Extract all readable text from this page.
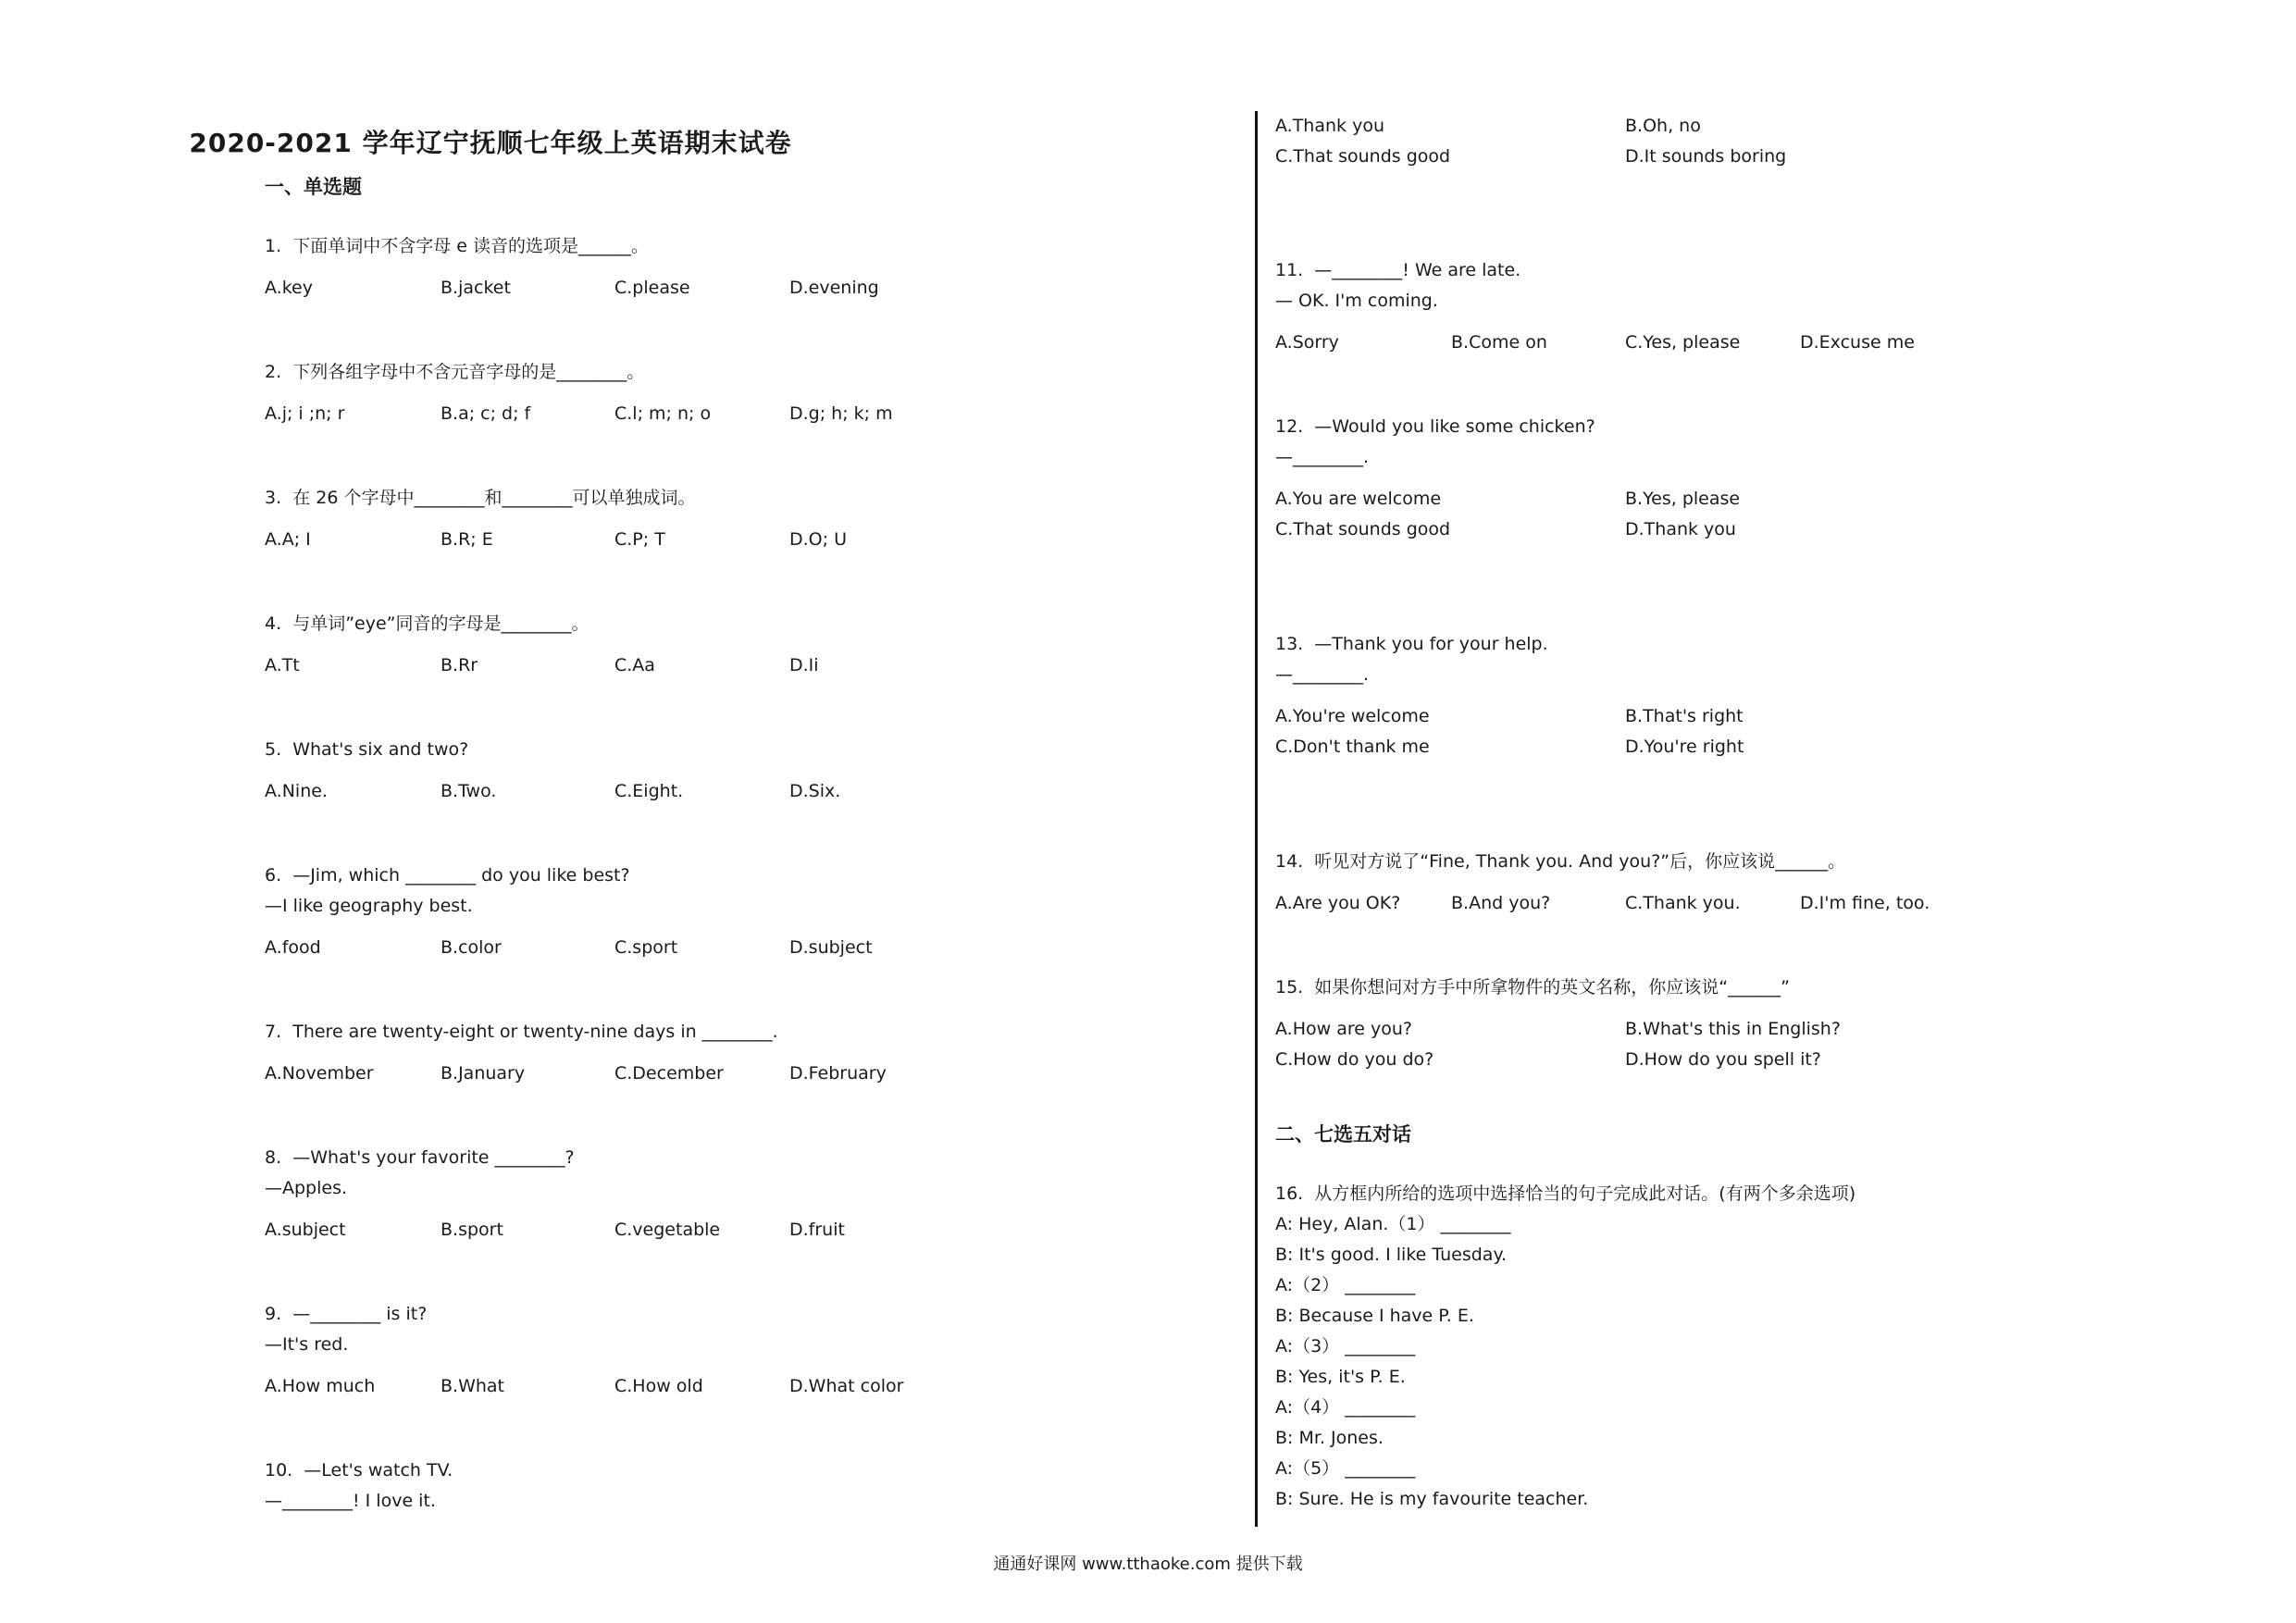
2020-2021 学年辽宁抚顺七年级上英语期末试卷
一、单选题
1.  下面单词中不含字母 e 读音的选项是______。
A.key	B.jacket	C.please	D.evening
2.  下列各组字母中不含元音字母的是________。
A.j; i ;n; r	B.a; c; d; f	C.l; m; n; o	D.g; h; k; m
3.  在 26 个字母中________和________可以单独成词。
A.A; I	B.R; E	C.P; T	D.O; U
4.  与单词”eye”同音的字母是________。
A.Tt	B.Rr	C.Aa	D.Ii
5.  What's six and two?
A.Nine.	B.Two.	C.Eight.	D.Six.
6.  —Jim, which ________ do you like best?
—I like geography best.
A.food	B.color	C.sport	D.subject
7.  There are twenty-eight or twenty-nine days in ________.
A.November	B.January	C.December	D.February
8.  —What's your favorite ________?
—Apples.
A.subject	B.sport	C.vegetable	D.fruit
9.  —________ is it?
—It's red.
A.How much	B.What	C.How old	D.What color
10.  —Let's watch TV.
—________! I love it.
A.Thank you	B.Oh, no
C.That sounds good	D.It sounds boring
11.  —________! We are late.
— OK. I'm coming.
A.Sorry	B.Come on	C.Yes, please	D.Excuse me
12.  —Would you like some chicken?
—________.
A.You are welcome	B.Yes, please
C.That sounds good	D.Thank you
13.  —Thank you for your help.
—________.
A.You're welcome	B.That's right
C.Don't thank me	D.You're right
14.  听见对方说了“Fine, Thank you. And you?”后，你应该说______。
A.Are you OK?	B.And you?	C.Thank you.	D.I'm fine, too.
15.  如果你想问对方手中所拿物件的英文名称，你应该说“______”
A.How are you?	B.What's this in English?
C.How do you do?	D.How do you spell it?
二、七选五对话
16.  从方框内所给的选项中选择恰当的句子完成此对话。(有两个多余选项)
A: Hey, Alan.（1） ________
B: It's good. I like Tuesday.
A:（2） ________
B: Because I have P. E.
A:（3） ________
B: Yes, it's P. E.
A:（4） ________
B: Mr. Jones.
A:（5） ________
B: Sure. He is my favourite teacher.
通通好课网 www.tthaoke.com 提供下载
